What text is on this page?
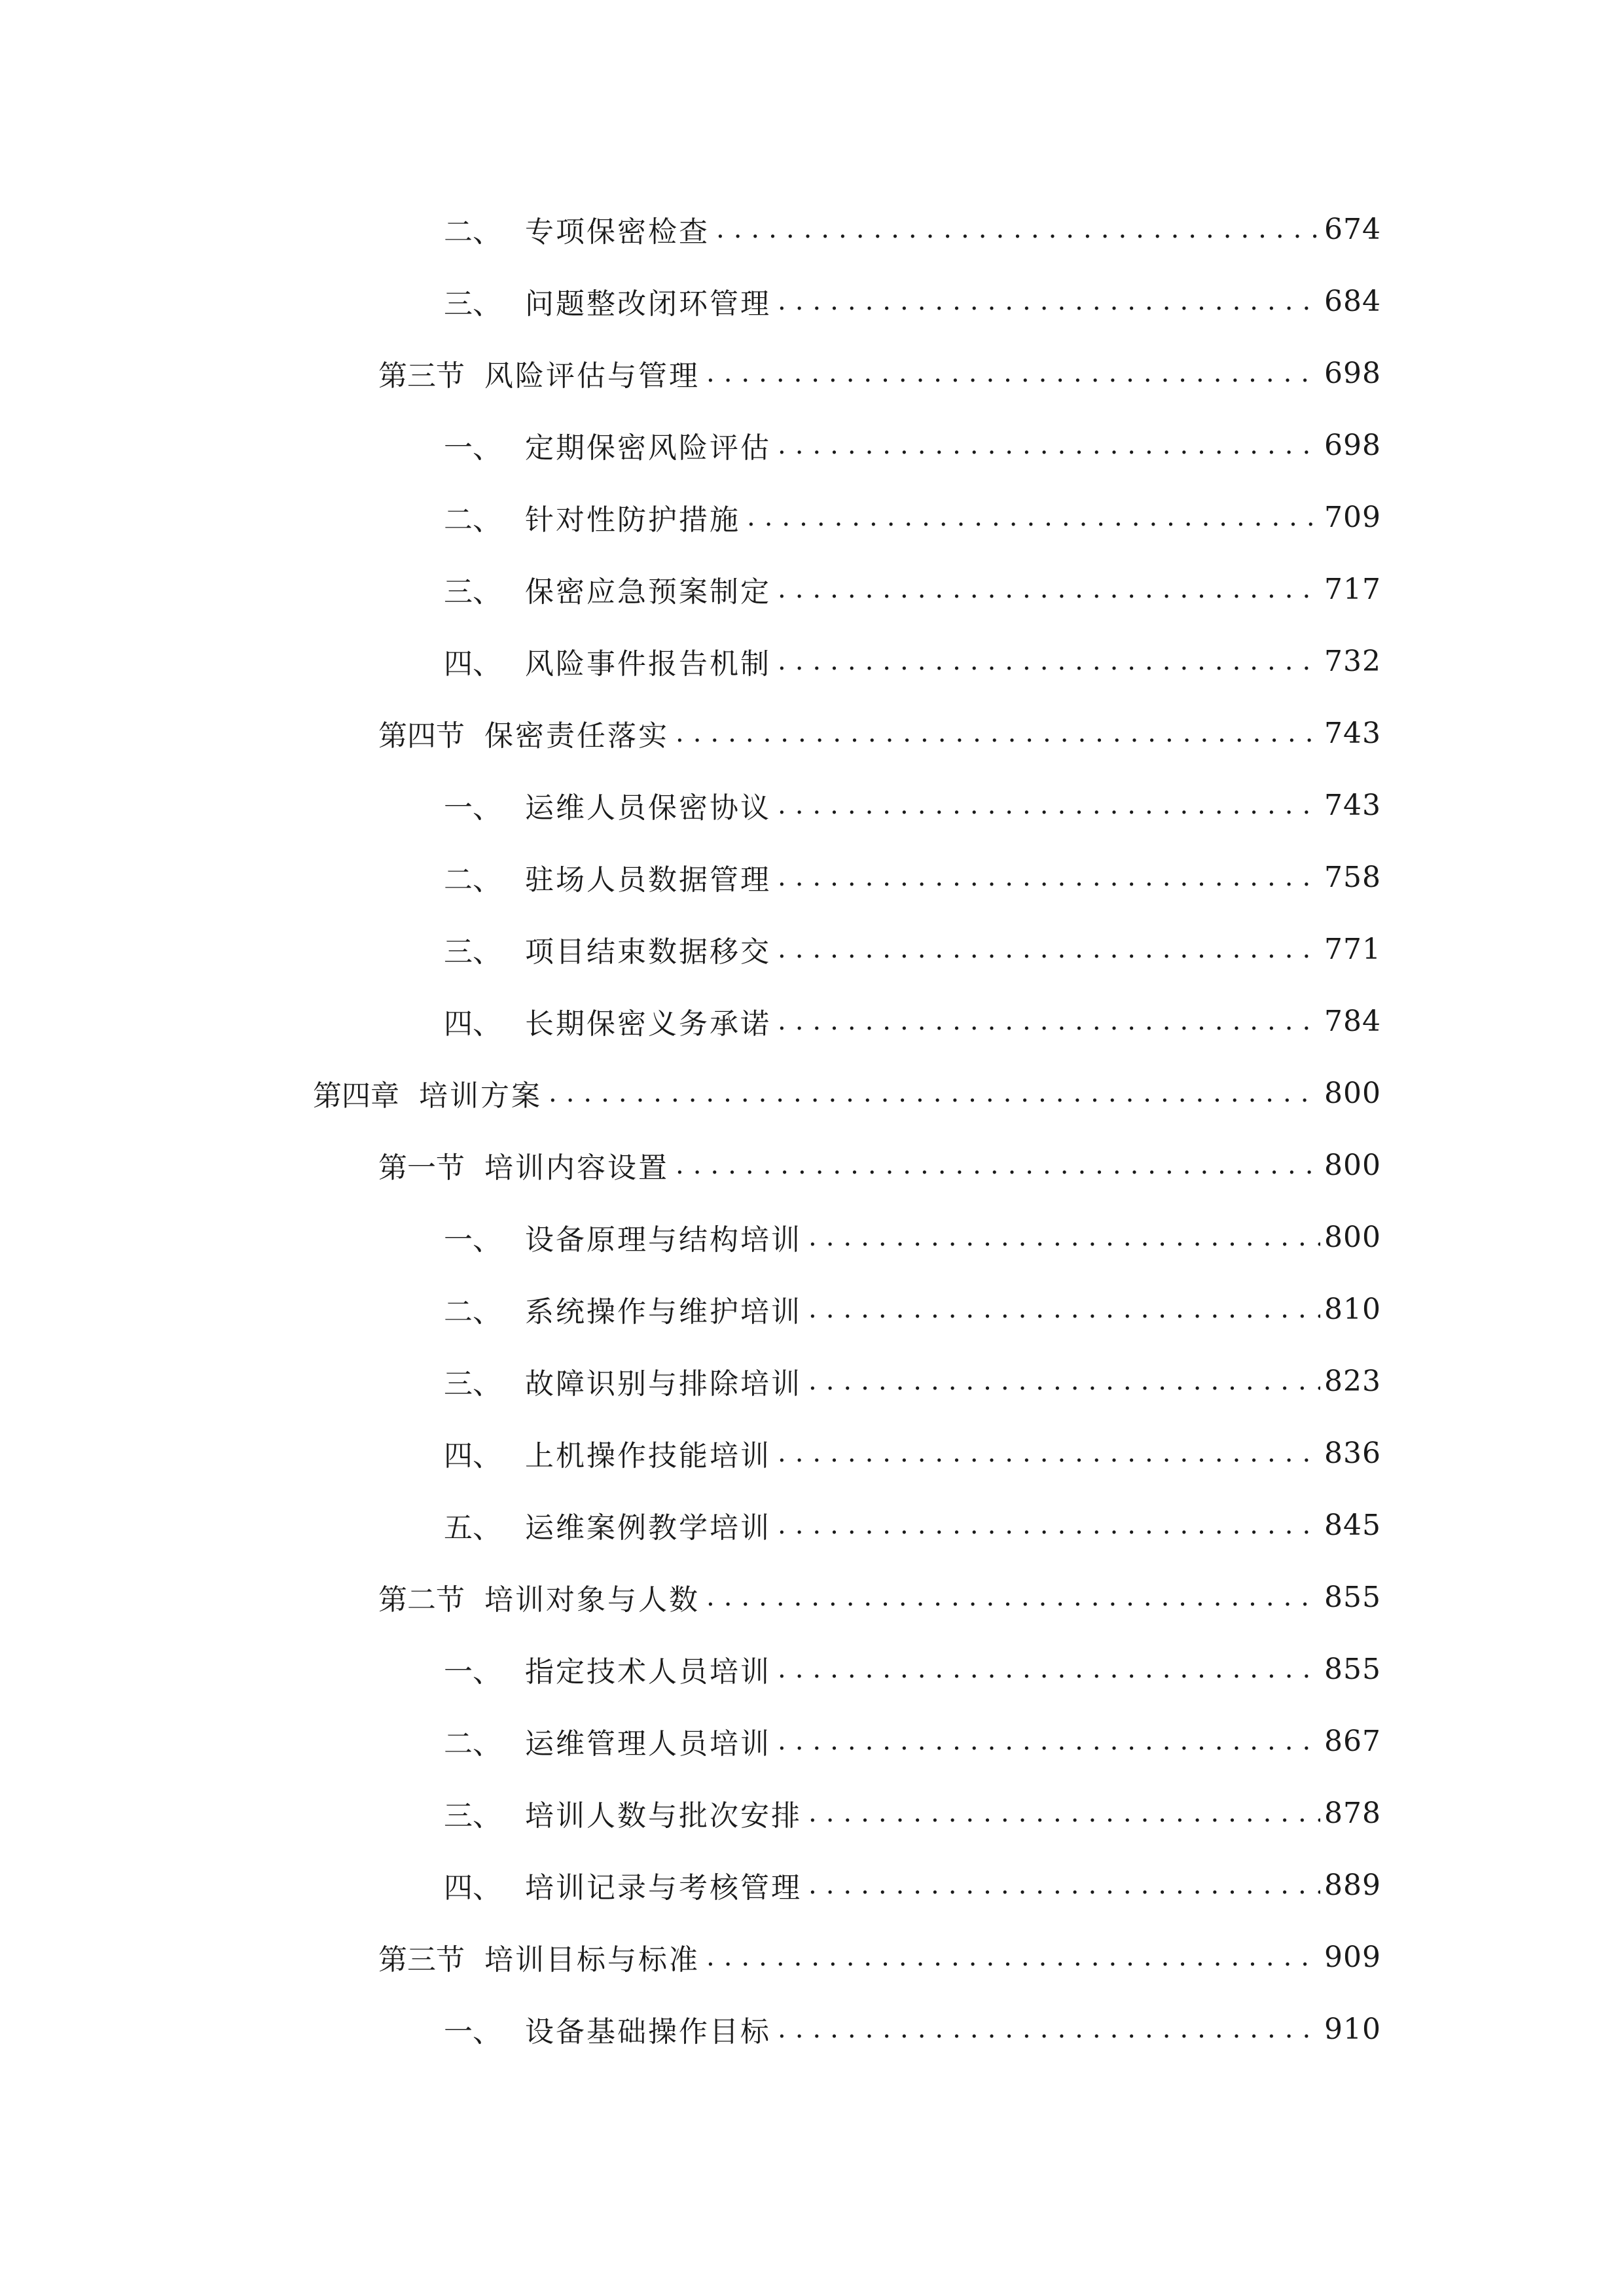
二、 专项保密检查 .....	674
三、 问题整改闭环管理 .....	684
第三节 风险评估与管理 .....	698
一、 定期保密风险评估 .....	698
二、 针对性防护措施 .....	709
三、 保密应急预案制定 .....	717
四、 风险事件报告机制 .....	732
第四节 保密责任落实 .....	743
一、 运维人员保密协议 .....	743
二、 驻场人员数据管理 .....	758
三、 项目结束数据移交 .....	771
四、 长期保密义务承诺 .....	784
第四章 培训方案 .....	800
第一节 培训内容设置 .....	800
一、 设备原理与结构培训 .....	800
二、 系统操作与维护培训 .....	810
三、 故障识别与排除培训 .....	823
四、 上机操作技能培训 .....	836
五、 运维案例教学培训 .....	845
第二节 培训对象与人数 .....	855
一、 指定技术人员培训 .....	855
二、 运维管理人员培训 .....	867
三、 培训人数与批次安排 .....	878
四、 培训记录与考核管理 .....	889
第三节 培训目标与标准 .....	909
一、 设备基础操作目标 .....	910
